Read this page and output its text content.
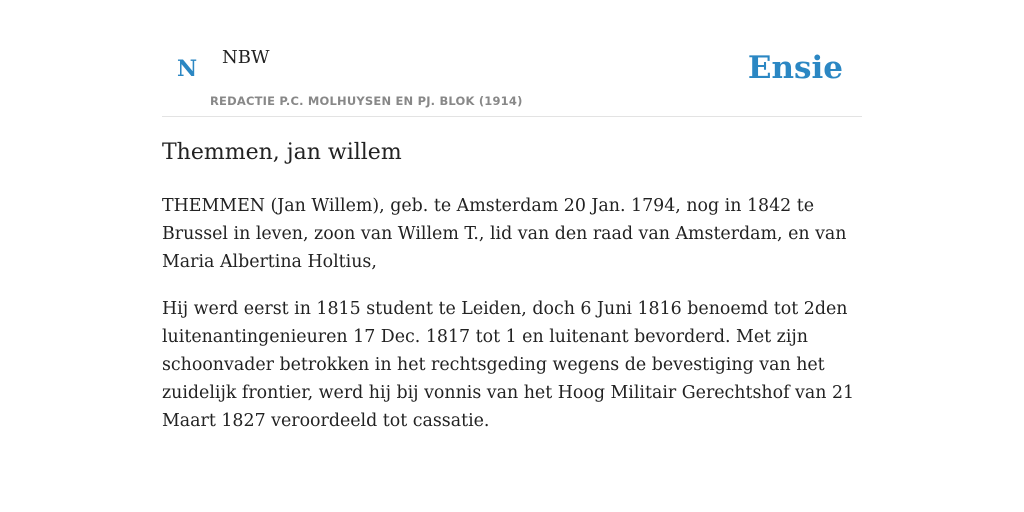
N NBW
REDACTIE P.C. MOLHUYSEN EN PJ. BLOK (1914)
Ensie
Themmen, jan willem

THEMMEN (Jan Willem), geb. te Amsterdam 20 Jan. 1794, nog in 1842 te Brussel in leven, zoon van Willem T., lid van den raad van Amsterdam, en van Maria Albertina Holtius,

Hij werd eerst in 1815 student te Leiden, doch 6 Juni 1816 benoemd tot 2den luitenantingenieuren 17 Dec. 1817 tot 1 en luitenant bevorderd. Met zijn schoonvader betrokken in het rechtsgeding wegens de bevestiging van het zuidelijk frontier, werd hij bij vonnis van het Hoog Militair Gerechtshof van 21 Maart 1827 veroordeeld tot cassatie.
